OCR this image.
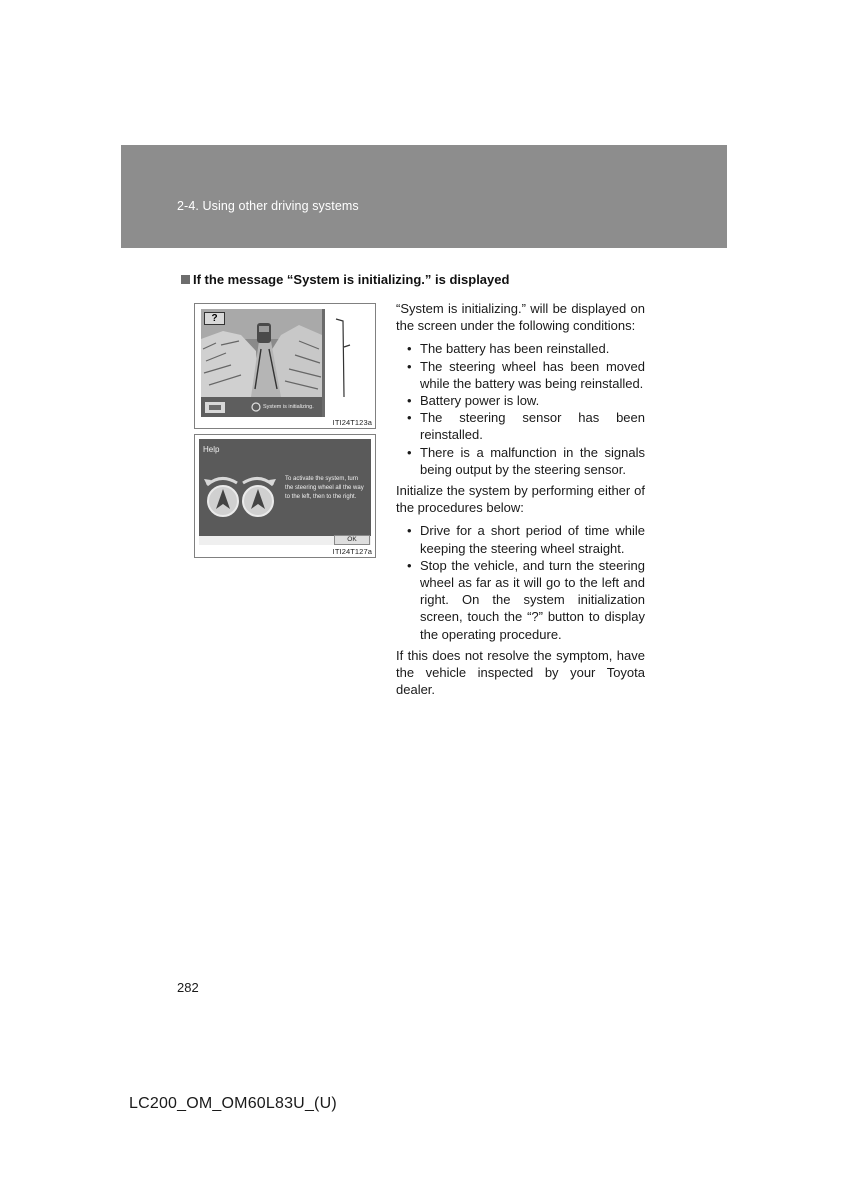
2-4. Using other driving systems
If the message “System is initializing.” is displayed
?
System is initializing.
ITI24T123a
Help
To activate the system, turn the steering wheel all the way to the left, then to the right.
OK
ITI24T127a

“System is initializing.” will be displayed on the screen under the following conditions:

• The battery has been reinstalled.
• The steering wheel has been moved while the battery was being reinstalled.
• Battery power is low.
• The steering sensor has been reinstalled.
• There is a malfunction in the signals being output by the steering sensor.

Initialize the system by performing either of the procedures below:

• Drive for a short period of time while keeping the steering wheel straight.
• Stop the vehicle, and turn the steering wheel as far as it will go to the left and right. On the system initialization screen, touch the “?” button to display the operating procedure.

If this does not resolve the symptom, have the vehicle inspected by your Toyota dealer.

282
LC200_OM_OM60L83U_(U)
